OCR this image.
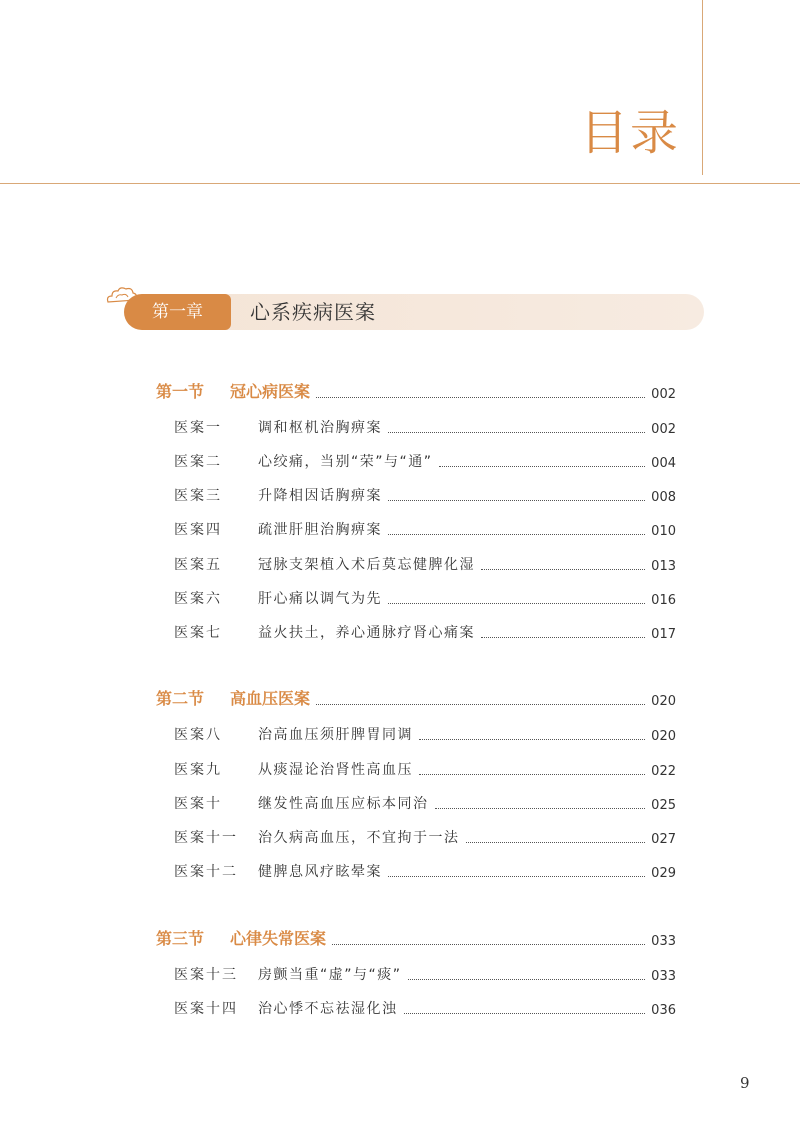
目录
第一章	心系疾病医案
第一节	冠心病医案	002
医案一	调和枢机治胸痹案	002
医案二	心绞痛，当别“荣”与“通”	004
医案三	升降相因话胸痹案	008
医案四	疏泄肝胆治胸痹案	010
医案五	冠脉支架植入术后莫忘健脾化湿	013
医案六	肝心痛以调气为先	016
医案七	益火扶土，养心通脉疗肾心痛案	017
第二节	高血压医案	020
医案八	治高血压须肝脾胃同调	020
医案九	从痰湿论治肾性高血压	022
医案十	继发性高血压应标本同治	025
医案十一	治久病高血压，不宜拘于一法	027
医案十二	健脾息风疗眩晕案	029
第三节	心律失常医案	033
医案十三	房颤当重“虚”与“痰”	033
医案十四	治心悸不忘祛湿化浊	036
9
